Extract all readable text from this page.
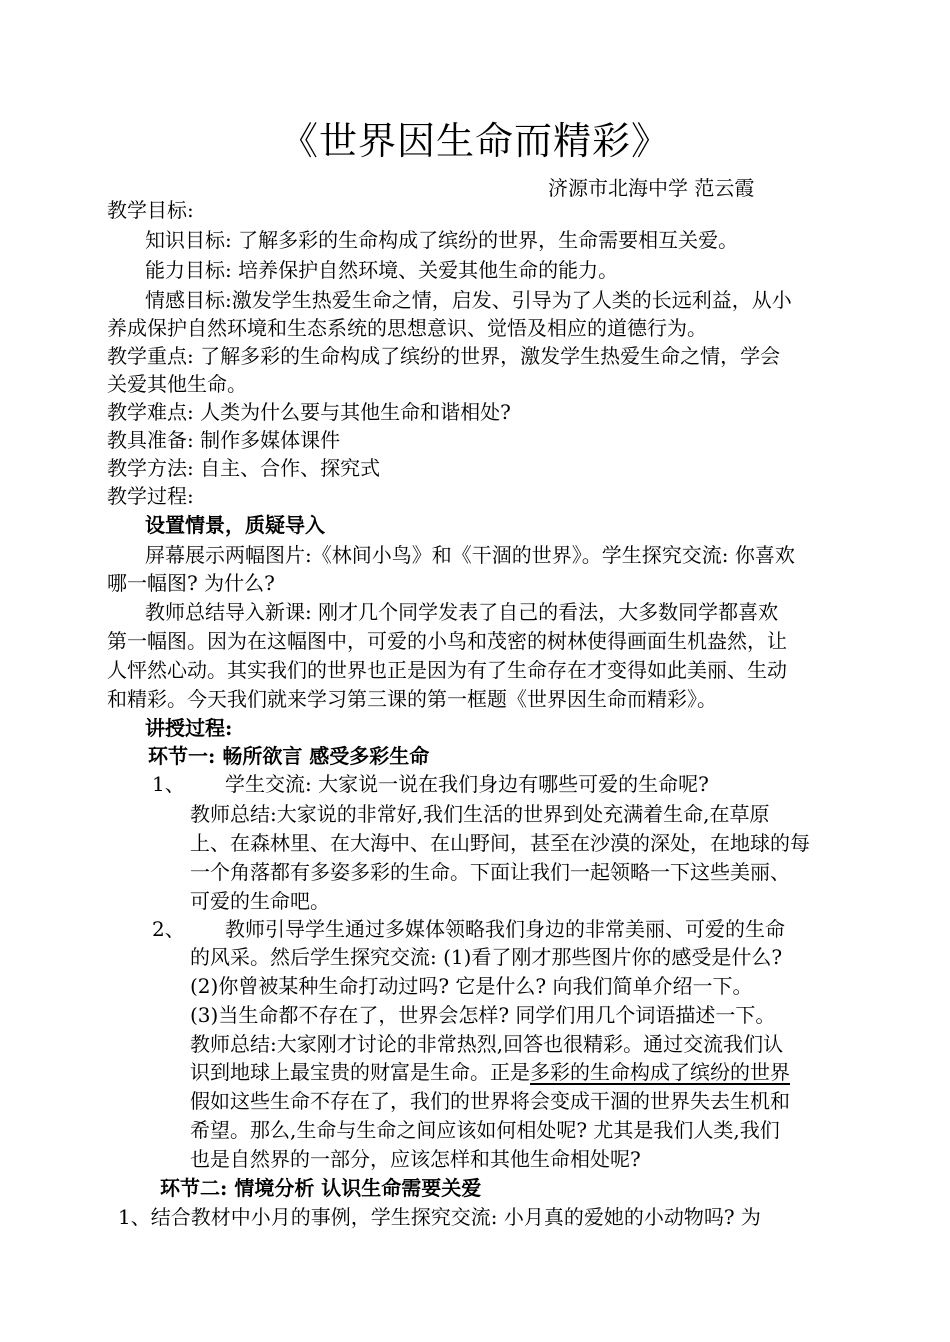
《世界因生命而精彩》
济源市北海中学 范云霞
教学目标:
知识目标: 了解多彩的生命构成了缤纷的世界，生命需要相互关爱。
能力目标: 培养保护自然环境、关爱其他生命的能力。
情感目标:激发学生热爱生命之情，启发、引导为了人类的长远利益，从小
养成保护自然环境和生态系统的思想意识、觉悟及相应的道德行为。
教学重点: 了解多彩的生命构成了缤纷的世界，激发学生热爱生命之情，学会
关爱其他生命。
教学难点: 人类为什么要与其他生命和谐相处?
教具准备: 制作多媒体课件
教学方法: 自主、合作、探究式
教学过程:
设置情景，质疑导入
屏幕展示两幅图片:《林间小鸟》和《干涸的世界》。学生探究交流: 你喜欢
哪一幅图? 为什么?
教师总结导入新课: 刚才几个同学发表了自己的看法，大多数同学都喜欢
第一幅图。因为在这幅图中，可爱的小鸟和茂密的树林使得画面生机盎然，让
人怦然心动。其实我们的世界也正是因为有了生命存在才变得如此美丽、生动
和精彩。今天我们就来学习第三课的第一框题《世界因生命而精彩》。
讲授过程:
环节一: 畅所欲言 感受多彩生命
1、 学生交流: 大家说一说在我们身边有哪些可爱的生命呢?
教师总结:大家说的非常好,我们生活的世界到处充满着生命,在草原
上、在森林里、在大海中、在山野间，甚至在沙漠的深处，在地球的每
一个角落都有多姿多彩的生命。下面让我们一起领略一下这些美丽、
可爱的生命吧。
2、 教师引导学生通过多媒体领略我们身边的非常美丽、可爱的生命
的风采。然后学生探究交流: (1)看了刚才那些图片你的感受是什么?
(2)你曾被某种生命打动过吗? 它是什么? 向我们简单介绍一下。
(3)当生命都不存在了，世界会怎样? 同学们用几个词语描述一下。
教师总结:大家刚才讨论的非常热烈,回答也很精彩。通过交流我们认
识到地球上最宝贵的财富是生命。正是多彩的生命构成了缤纷的世界
假如这些生命不存在了，我们的世界将会变成干涸的世界失去生机和
希望。那么,生命与生命之间应该如何相处呢? 尤其是我们人类,我们
也是自然界的一部分，应该怎样和其他生命相处呢?
环节二: 情境分析 认识生命需要关爱
1、结合教材中小月的事例，学生探究交流: 小月真的爱她的小动物吗? 为
